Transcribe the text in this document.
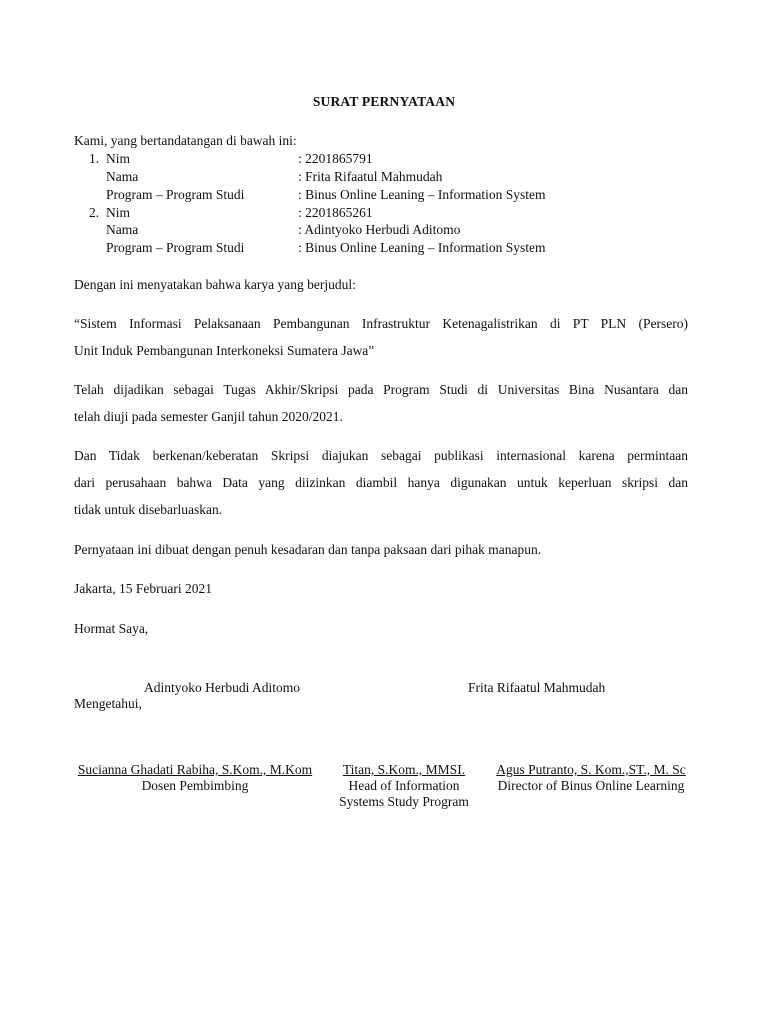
SURAT PERNYATAAN
Kami, yang bertandatangan di bawah ini:
1. Nim	: 2201865791
Nama	: Frita Rifaatul Mahmudah
Program – Program Studi	: Binus Online Leaning – Information System
2. Nim	: 2201865261
Nama	: Adintyoko Herbudi Aditomo
Program – Program Studi	: Binus Online Leaning – Information System
Dengan ini menyatakan bahwa karya yang berjudul:

“Sistem Informasi Pelaksanaan Pembangunan Infrastruktur Ketenagalistrikan di PT PLN (Persero)

Unit Induk Pembangunan Interkoneksi Sumatera Jawa”

Telah dijadikan sebagai Tugas Akhir/Skripsi pada Program Studi di Universitas Bina Nusantara dan

telah diuji pada semester Ganjil tahun 2020/2021.

Dan Tidak berkenan/keberatan Skripsi diajukan sebagai publikasi internasional karena permintaan

dari perusahaan bahwa Data yang diizinkan diambil hanya digunakan untuk keperluan skripsi dan

tidak untuk disebarluaskan.

Pernyataan ini dibuat dengan penuh kesadaran dan tanpa paksaan dari pihak manapun.
Jakarta, 15 Februari 2021
Hormat Saya,
Adintyoko Herbudi Aditomo	Frita Rifaatul Mahmudah
Mengetahui,
Sucianna Ghadati Rabiha, S.Kom., M.Kom
Dosen Pembimbing
Titan, S.Kom., MMSI.
Head of Information
Systems Study Program
Agus Putranto, S. Kom.,ST., M. Sc
Director of Binus Online Learning
